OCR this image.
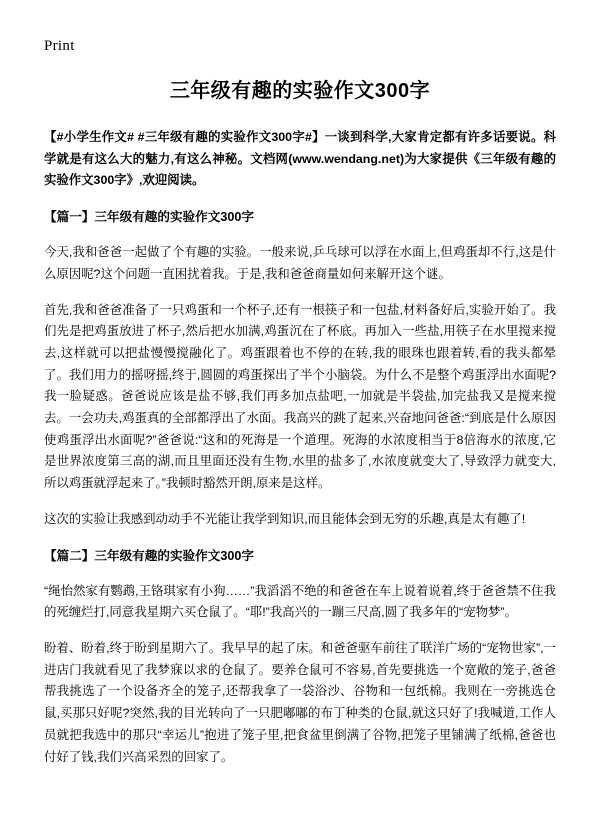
Print
三年级有趣的实验作文300字

【#小学生作文# #三年级有趣的实验作文300字#】一谈到科学,大家肯定都有许多话要说。科学就是有这么大的魅力,有这么神秘。文档网(www.wendang.net)为大家提供《三年级有趣的实验作文300字》,欢迎阅读。

【篇一】三年级有趣的实验作文300字

今天,我和爸爸一起做了个有趣的实验。一般来说,乒乓球可以浮在水面上,但鸡蛋却不行,这是什么原因呢?这个问题一直困扰着我。于是,我和爸爸商量如何来解开这个谜。

首先,我和爸爸准备了一只鸡蛋和一个杯子,还有一根筷子和一包盐,材料备好后,实验开始了。我们先是把鸡蛋放进了杯子,然后把水加满,鸡蛋沉在了杯底。再加入一些盐,用筷子在水里搅来搅去,这样就可以把盐慢慢搅融化了。鸡蛋跟着也不停的在转,我的眼珠也跟着转,看的我头都晕了。我们用力的摇呀摇,终于,圆圆的鸡蛋探出了半个小脑袋。为什么不是整个鸡蛋浮出水面呢?我一脸疑惑。爸爸说应该是盐不够,我们再多加点盐吧,一加就是半袋盐,加完盐我又是搅来搅去。一会功夫,鸡蛋真的全部都浮出了水面。我高兴的跳了起来,兴奋地问爸爸:“到底是什么原因使鸡蛋浮出水面呢?”爸爸说:“这和的死海是一个道理。死海的水浓度相当于8倍海水的浓度,它是世界浓度第三高的湖,而且里面还没有生物,水里的盐多了,水浓度就变大了,导致浮力就变大,所以鸡蛋就浮起来了。”我顿时豁然开朗,原来是这样。

这次的实验让我感到动动手不光能让我学到知识,而且能体会到无穷的乐趣,真是太有趣了!

【篇二】三年级有趣的实验作文300字

“绳怡然家有鹦鹉,王铬琪家有小狗……”我滔滔不绝的和爸爸在车上说着说着,终于爸爸禁不住我的死缠烂打,同意我星期六买仓鼠了。“耶!”我高兴的一蹦三尺高,圆了我多年的“宠物梦”。

盼着、盼着,终于盼到星期六了。我早早的起了床。和爸爸驱车前往了联洋广场的“宠物世家”,一进店门我就看见了我梦寐以求的仓鼠了。要养仓鼠可不容易,首先要挑选一个宽敞的笼子,爸爸帮我挑选了一个设备齐全的笼子,还帮我拿了一袋浴沙、谷物和一包纸棉。我则在一旁挑选仓鼠,买那只好呢?突然,我的目光转向了一只肥嘟嘟的布丁种类的仓鼠,就这只好了!我喊道,工作人员就把我选中的那只“幸运儿”抱进了笼子里,把食盆里倒满了谷物,把笼子里铺满了纸棉,爸爸也付好了钱,我们兴高采烈的回家了。
